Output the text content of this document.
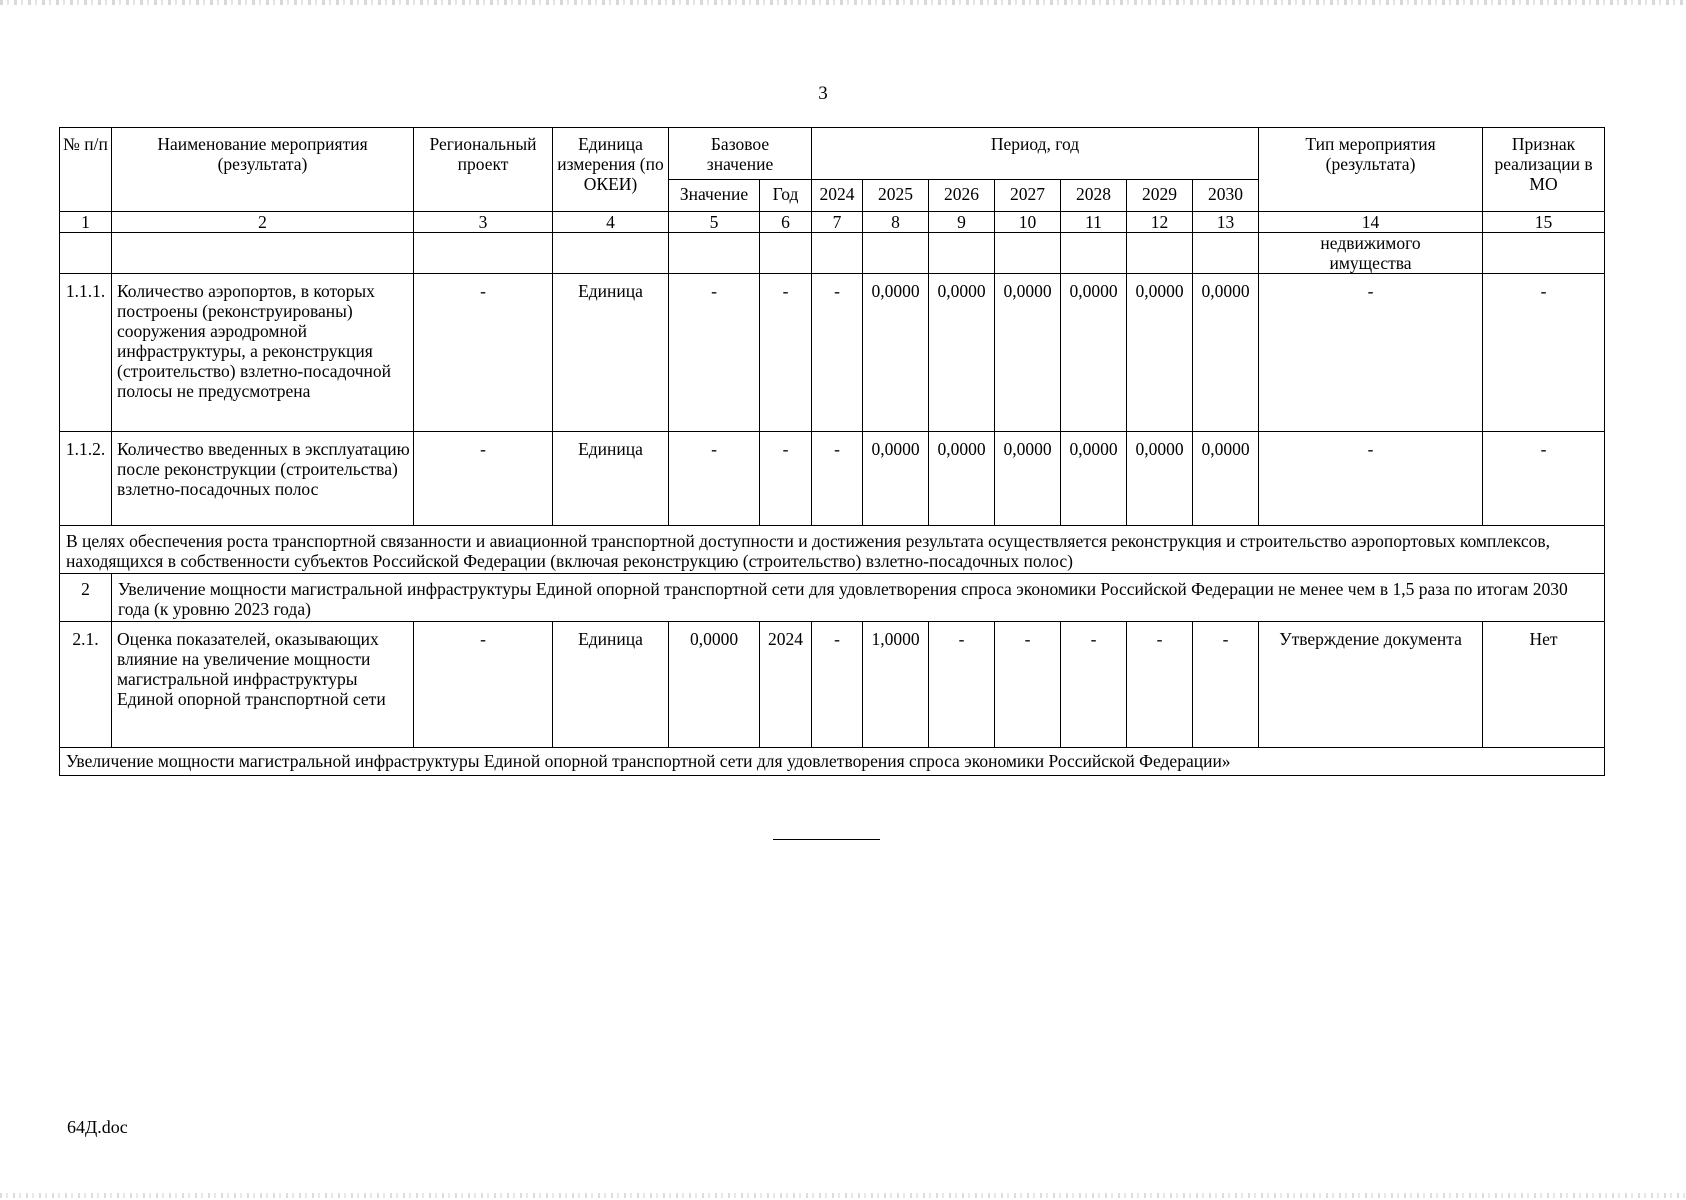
3
№ п/п	Наименование мероприятия (результата)	Региональный проект	Единица измерения (по ОКЕИ)	Базовое значение		Период, год							Тип мероприятия (результата)	Признак реализации в МО
				Значение	Год	2024	2025	2026	2027	2028	2029	2030		
1	2	3	4	5	6	7	8	9	10	11	12	13	14	15
													недвижимого имущества	
1.1.1.	Количество аэропортов, в которых построены (реконструированы) сооружения аэродромной инфраструктуры, а реконструкция (строительство) взлетно-посадочной полосы не предусмотрена	-	Единица	-	-	-	0,0000	0,0000	0,0000	0,0000	0,0000	0,0000	-	-
1.1.2.	Количество введенных в эксплуатацию после реконструкции (строительства) взлетно-посадочных полос	-	Единица	-	-	-	0,0000	0,0000	0,0000	0,0000	0,0000	0,0000	-	-
В целях обеспечения роста транспортной связанности и авиационной транспортной доступности и достижения результата осуществляется реконструкция и строительство аэропортовых комплексов, находящихся в собственности субъектов Российской Федерации (включая реконструкцию (строительство) взлетно-посадочных полос)														
2	Увеличение мощности магистральной инфраструктуры Единой опорной транспортной сети для удовлетворения спроса экономики Российской Федерации не менее чем в 1,5 раза по итогам 2030 года (к уровню 2023 года)													
2.1.	Оценка показателей, оказывающих влияние на увеличение мощности магистральной инфраструктуры Единой опорной транспортной сети	-	Единица	0,0000	2024	-	1,0000	-	-	-	-	-	Утверждение документа	Нет
Увеличение мощности магистральной инфраструктуры Единой опорной транспортной сети для удовлетворения спроса экономики Российской Федерации»														
64Д.doc
